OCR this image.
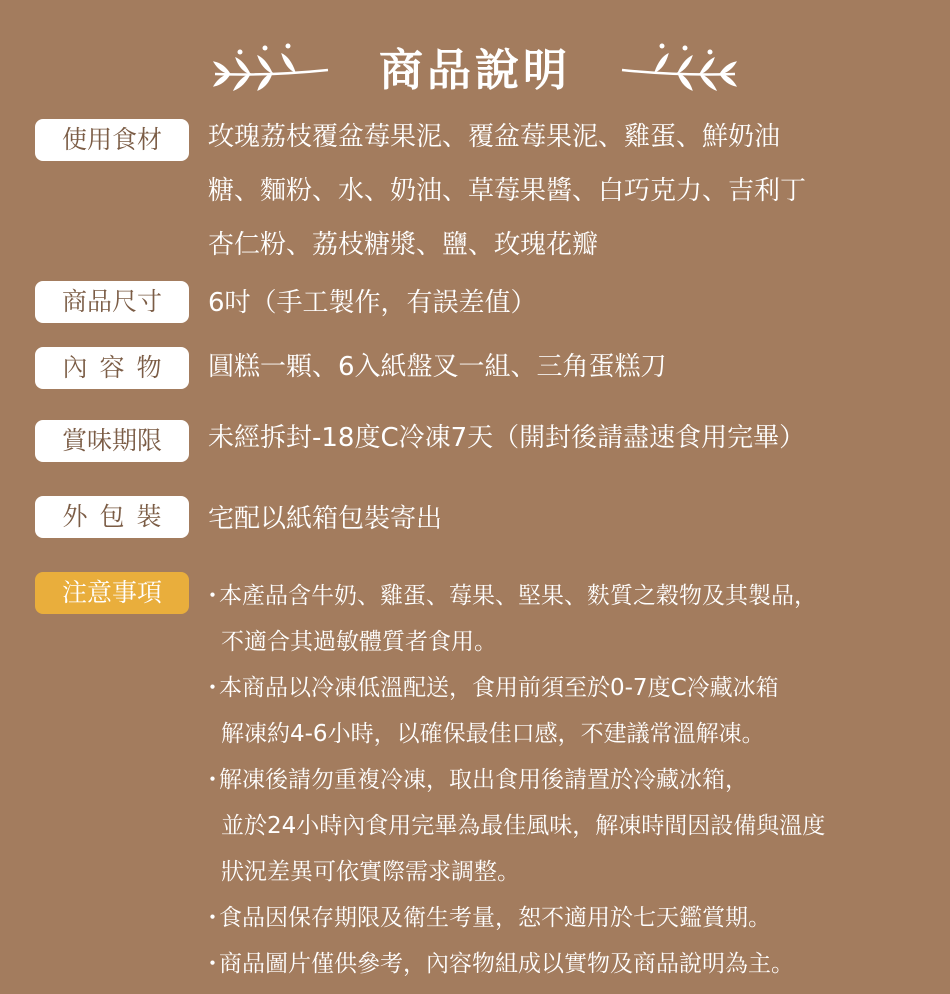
商品說明
使用食材	玫瑰荔枝覆盆莓果泥、覆盆莓果泥、雞蛋、鮮奶油
糖、麵粉、水、奶油、草莓果醬、白巧克力、吉利丁
杏仁粉、荔枝糖漿、鹽、玫瑰花瓣
商品尺寸	6吋（手工製作，有誤差值）
內容物	圓糕一顆、6入紙盤叉一組、三角蛋糕刀
賞味期限	未經拆封-18度C冷凍7天（開封後請盡速食用完畢）
外包裝	宅配以紙箱包裝寄出
注意事項
・	本產品含牛奶、雞蛋、莓果、堅果、麩質之穀物及其製品，
不適合其過敏體質者食用。
・ 本商品以冷凍低溫配送，食用前須至於0-7度C冷藏冰箱
解凍約4-6小時，以確保最佳口感，不建議常溫解凍。
・ 解凍後請勿重複冷凍，取出食用後請置於冷藏冰箱，
並於24小時內食用完畢為最佳風味，解凍時間因設備與溫度
狀況差異可依實際需求調整。
・ 食品因保存期限及衛生考量，恕不適用於七天鑑賞期。
・ 商品圖片僅供參考，內容物組成以實物及商品說明為主。
